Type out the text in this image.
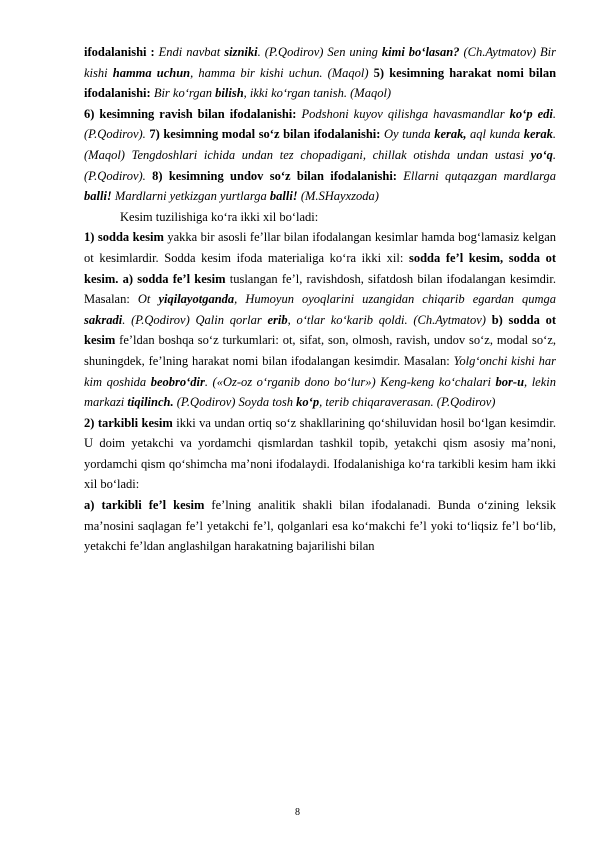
ifodalanishi : Endi navbat sizniki. (P.Qodirov) Sen uning kimi bo‘lasan? (Ch.Aytmatov) Bir kishi hamma uchun, hamma bir kishi uchun. (Maqol) 5) kesimning harakat nomi bilan ifodalanishi: Bir ko‘rgan bilish, ikki ko‘rgan tanish. (Maqol)

6) kesimning ravish bilan ifodalanishi: Podshoni kuyov qilishga havasmandlar ko‘p edi.(P.Qodirov). 7) kesimning modal so‘z bilan ifodalanishi: Oy tunda kerak, aql kunda kerak. (Maqol) Tengdoshlari ichida undan tez chopadigani, chillak otishda undan ustasi yo‘q.(P.Qodirov). 8) kesimning undov so‘z bilan ifodalanishi: Ellarni qutqazgan mardlarga balli! Mardlarni yetkizgan yurtlarga balli! (M.SHayxzoda)

Kesim tuzilishiga ko‘ra ikki xil bo‘ladi:

1) sodda kesim yakka bir asosli fe’llar bilan ifodalangan kesimlar hamda bog‘lamasiz kelgan ot kesimlardir. Sodda kesim ifoda materialiga ko‘ra ikki xil: sodda fe’l kesim, sodda ot kesim. a) sodda fe’l kesim tuslangan fe’l, ravishdosh, sifatdosh bilan ifodalangan kesimdir. Masalan: Ot yiqilayotganda, Humoyun oyoqlarini uzangidan chiqarib egardan qumga sakradi. (P.Qodirov) Qalin qorlar erib, o‘tlar ko‘karib qoldi. (Ch.Aytmatov) b) sodda ot kesim fe’ldan boshqa so‘z turkumlari: ot, sifat, son, olmosh, ravish, undov so‘z, modal so‘z, shuningdek, fe’lning harakat nomi bilan ifodalangan kesimdir. Masalan: Yolg‘onchi kishi har kim qoshida beobro‘dir. («Oz-oz o‘rganib dono bo‘lur») Keng-keng ko‘chalari bor-u, lekin markazi tiqilinch. (P.Qodirov) Soyda tosh ko‘p, terib chiqaraverasan. (P.Qodirov)

2) tarkibli kesim ikki va undan ortiq so‘z shakllarining qo‘shiluvidan hosil bo‘lgan kesimdir. U doim yetakchi va yordamchi qismlardan tashkil topib, yetakchi qism asosiy ma’noni, yordamchi qism qo‘shimcha ma’noni ifodalaydi. Ifodalanishiga ko‘ra tarkibli kesim ham ikki xil bo‘ladi:

a) tarkibli fe’l kesim fe’lning analitik shakli bilan ifodalanadi. Bunda o‘zining leksik ma’nosini saqlagan fe’l yetakchi fe’l, qolganlari esa ko‘makchi fe’l yoki to‘liqsiz fe’l bo‘lib, yetakchi fe’ldan anglashilgan harakatning bajarilishi bilan

8
